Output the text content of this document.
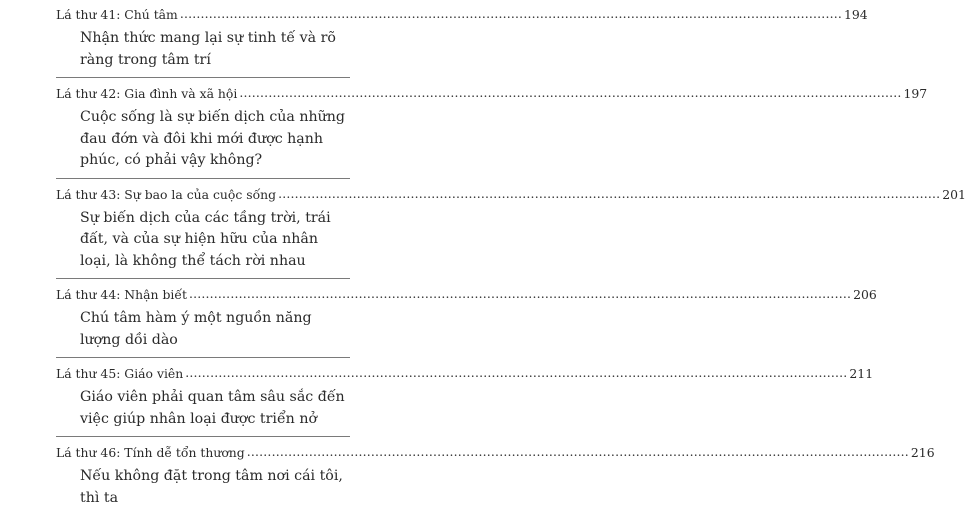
Lá thư 41: Chú tâm .....	194
Nhận thức mang lại sự tinh tế và rõ ràng trong tâm trí
Lá thư 42: Gia đình và xã hội .....	197
Cuộc sống là sự biến dịch của những đau đớn và đôi khi mới được hạnh phúc, có phải vậy không?
Lá thư 43: Sự bao la của cuộc sống .....	201
Sự biến dịch của các tầng trời, trái đất, và của sự hiện hữu của nhân loại, là không thể tách rời nhau
Lá thư 44: Nhận biết .....	206
Chú tâm hàm ý một nguồn năng lượng dồi dào
Lá thư 45: Giáo viên .....	211
Giáo viên phải quan tâm sâu sắc đến việc giúp nhân loại được triển nở
Lá thư 46: Tính dễ tổn thương .....	216
Nếu không đặt trong tâm nơi cái tôi, thì ta
